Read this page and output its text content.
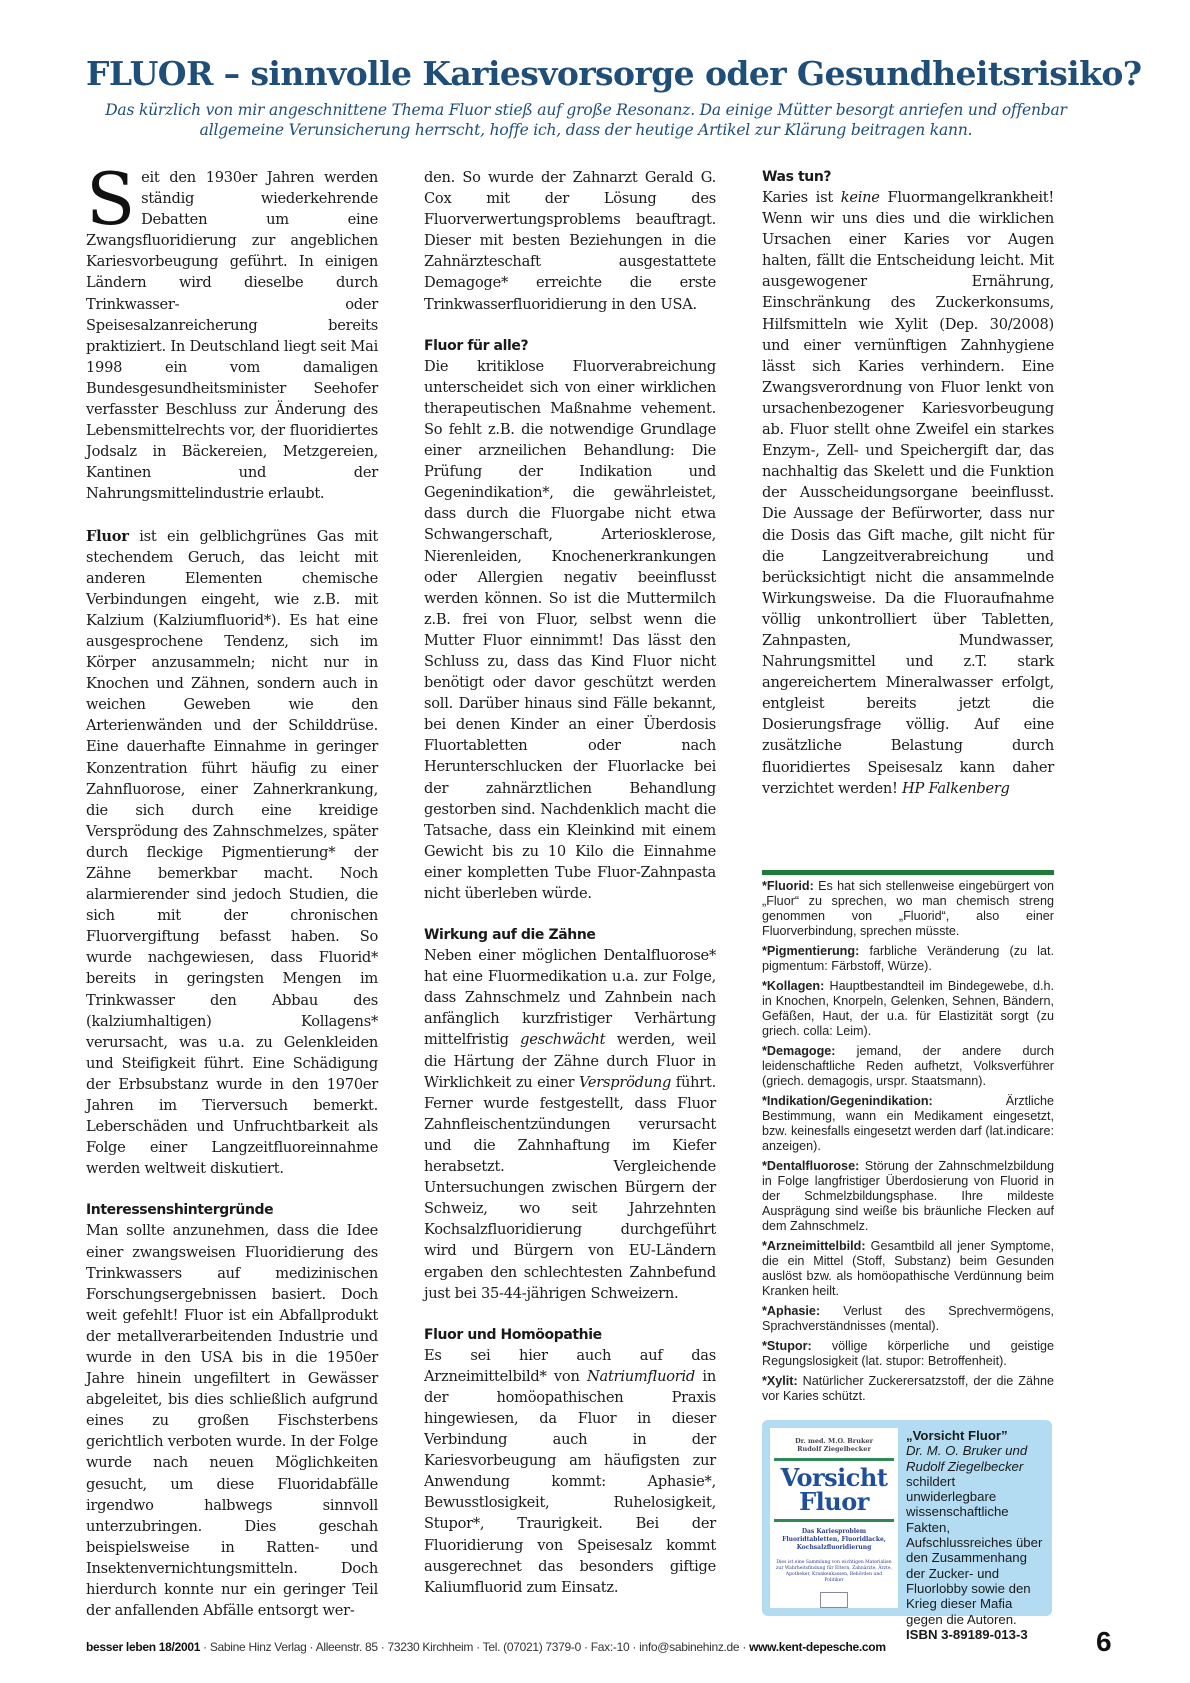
FLUOR – sinnvolle Kariesvorsorge oder Gesundheitsrisiko?

Das kürzlich von mir angeschnittene Thema Fluor stieß auf große Resonanz. Da einige Mütter besorgt anriefen und offenbar allgemeine Verunsicherung herrscht, hoffe ich, dass der heutige Artikel zur Klärung beitragen kann.

Seit den 1930er Jahren werden ständig wiederkehrende Debatten um eine Zwangsfluoridierung zur angeblichen Kariesvorbeugung geführt. In einigen Ländern wird dieselbe durch Trinkwasser- oder Speisesalzanreicherung bereits praktiziert. In Deutschland liegt seit Mai 1998 ein vom damaligen Bundesgesundheitsminister Seehofer verfasster Beschluss zur Änderung des Lebensmittelrechts vor, der fluoridiertes Jodsalz in Bäckereien, Metzgereien, Kantinen und der Nahrungsmittelindustrie erlaubt.

Fluor ist ein gelblichgrünes Gas mit stechendem Geruch, das leicht mit anderen Elementen chemische Verbindungen eingeht, wie z.B. mit Kalzium (Kalziumfluorid*). Es hat eine ausgesprochene Tendenz, sich im Körper anzusammeln; nicht nur in Knochen und Zähnen, sondern auch in weichen Geweben wie den Arterienwänden und der Schilddrüse. Eine dauerhafte Einnahme in geringer Konzentration führt häufig zu einer Zahnfluorose, einer Zahnerkrankung, die sich durch eine kreidige Versprödung des Zahnschmelzes, später durch fleckige Pigmentierung* der Zähne bemerkbar macht. Noch alarmierender sind jedoch Studien, die sich mit der chronischen Fluorvergiftung befasst haben. So wurde nachgewiesen, dass Fluorid* bereits in geringsten Mengen im Trinkwasser den Abbau des (kalziumhaltigen) Kollagens* verursacht, was u.a. zu Gelenkleiden und Steifigkeit führt. Eine Schädigung der Erbsubstanz wurde in den 1970er Jahren im Tierversuch bemerkt. Leberschäden und Unfruchtbarkeit als Folge einer Langzeitfluoreinnahme werden weltweit diskutiert.

Interessenshintergründe

Man sollte anzunehmen, dass die Idee einer zwangsweisen Fluoridierung des Trinkwassers auf medizinischen Forschungsergebnissen basiert. Doch weit gefehlt! Fluor ist ein Abfallprodukt der metallverarbeitenden Industrie und wurde in den USA bis in die 1950er Jahre hinein ungefiltert in Gewässer abgeleitet, bis dies schließlich aufgrund eines zu großen Fischsterbens gerichtlich verboten wurde. In der Folge wurde nach neuen Möglichkeiten gesucht, um diese Fluoridabfälle irgendwo halbwegs sinnvoll unterzubringen. Dies geschah beispielsweise in Ratten- und Insektenvernichtungsmitteln. Doch hierdurch konnte nur ein geringer Teil der anfallenden Abfälle entsorgt wer-

den. So wurde der Zahnarzt Gerald G. Cox mit der Lösung des Fluorverwertungsproblems beauftragt. Dieser mit besten Beziehungen in die Zahnärzteschaft ausgestattete Demagoge* erreichte die erste Trinkwasserfluoridierung in den USA.

Fluor für alle?

Die kritiklose Fluorverabreichung unterscheidet sich von einer wirklichen therapeutischen Maßnahme vehement. So fehlt z.B. die notwendige Grundlage einer arzneilichen Behandlung: Die Prüfung der Indikation und Gegenindikation*, die gewährleistet, dass durch die Fluorgabe nicht etwa Schwangerschaft, Arteriosklerose, Nierenleiden, Knochenerkrankungen oder Allergien negativ beeinflusst werden können. So ist die Muttermilch z.B. frei von Fluor, selbst wenn die Mutter Fluor einnimmt! Das lässt den Schluss zu, dass das Kind Fluor nicht benötigt oder davor geschützt werden soll. Darüber hinaus sind Fälle bekannt, bei denen Kinder an einer Überdosis Fluortabletten oder nach Herunterschlucken der Fluorlacke bei der zahnärztlichen Behandlung gestorben sind. Nachdenklich macht die Tatsache, dass ein Kleinkind mit einem Gewicht bis zu 10 Kilo die Einnahme einer kompletten Tube Fluor-Zahnpasta nicht überleben würde.

Wirkung auf die Zähne

Neben einer möglichen Dentalfluorose* hat eine Fluormedikation u.a. zur Folge, dass Zahnschmelz und Zahnbein nach anfänglich kurzfristiger Verhärtung mittelfristig geschwächt werden, weil die Härtung der Zähne durch Fluor in Wirklichkeit zu einer Versprödung führt. Ferner wurde festgestellt, dass Fluor Zahnfleischentzündungen verursacht und die Zahnhaftung im Kiefer herabsetzt. Vergleichende Untersuchungen zwischen Bürgern der Schweiz, wo seit Jahrzehnten Kochsalzfluoridierung durchgeführt wird und Bürgern von EU-Ländern ergaben den schlechtesten Zahnbefund just bei 35-44-jährigen Schweizern.

Fluor und Homöopathie

Es sei hier auch auf das Arzneimittelbild* von Natriumfluorid in der homöopathischen Praxis hingewiesen, da Fluor in dieser Verbindung auch in der Kariesvorbeugung am häufigsten zur Anwendung kommt: Aphasie*, Bewusstlosigkeit, Ruhelosigkeit, Stupor*, Traurigkeit. Bei der Fluoridierung von Speisesalz kommt ausgerechnet das besonders giftige Kaliumfluorid zum Einsatz.

Was tun?

Karies ist keine Fluormangelkrankheit! Wenn wir uns dies und die wirklichen Ursachen einer Karies vor Augen halten, fällt die Entscheidung leicht. Mit ausgewogener Ernährung, Einschränkung des Zuckerkonsums, Hilfsmitteln wie Xylit (Dep. 30/2008) und einer vernünftigen Zahnhygiene lässt sich Karies verhindern. Eine Zwangsverordnung von Fluor lenkt von ursachenbezogener Kariesvorbeugung ab. Fluor stellt ohne Zweifel ein starkes Enzym-, Zell- und Speichergift dar, das nachhaltig das Skelett und die Funktion der Ausscheidungsorgane beeinflusst. Die Aussage der Befürworter, dass nur die Dosis das Gift mache, gilt nicht für die Langzeitverabreichung und berücksichtigt nicht die ansammelnde Wirkungsweise. Da die Fluoraufnahme völlig unkontrolliert über Tabletten, Zahnpasten, Mundwasser, Nahrungsmittel und z.T. stark angereichertem Mineralwasser erfolgt, entgleist bereits jetzt die Dosierungsfrage völlig. Auf eine zusätzliche Belastung durch fluoridiertes Speisesalz kann daher verzichtet werden! HP Falkenberg

*Fluorid: Es hat sich stellenweise eingebürgert von „Fluor“ zu sprechen, wo man chemisch streng genommen von „Fluorid“, also einer Fluorverbindung, sprechen müsste.
*Pigmentierung: farbliche Veränderung (zu lat. pigmentum: Färbstoff, Würze).
*Kollagen: Hauptbestandteil im Bindegewebe, d.h. in Knochen, Knorpeln, Gelenken, Sehnen, Bändern, Gefäßen, Haut, der u.a. für Elastizität sorgt (zu griech. colla: Leim).
*Demagoge: jemand, der andere durch leidenschaftliche Reden aufhetzt, Volksverführer (griech. demagogis, urspr. Staatsmann).
*Indikation/Gegenindikation: Ärztliche Bestimmung, wann ein Medikament eingesetzt, bzw. keinesfalls eingesetzt werden darf (lat.indicare: anzeigen).
*Dentalfluorose: Störung der Zahnschmelzbildung in Folge langfristiger Überdosierung von Fluorid in der Schmelzbildungsphase. Ihre mildeste Ausprägung sind weiße bis bräunliche Flecken auf dem Zahnschmelz.
*Arzneimittelbild: Gesamtbild all jener Symptome, die ein Mittel (Stoff, Substanz) beim Gesunden auslöst bzw. als homöopathische Verdünnung beim Kranken heilt.
*Aphasie: Verlust des Sprechvermögens, Sprachverständnisses (mental).
*Stupor: völlige körperliche und geistige Regungslosigkeit (lat. stupor: Betroffenheit).
*Xylit: Natürlicher Zuckerersatzstoff, der die Zähne vor Karies schützt.
Dr. med. M.O. Bruker
Rudolf Ziegelbecker
Vorsicht
Fluor
Das Kariesproblem
Fluoridtabletten, Fluoridlacke,
Kochsalzfluoridierung
Dies ist eine Sammlung von wichtigen Materialien zur Wahrheitsfindung für Eltern, Zahnärzte, Ärzte, Apotheker, Krankenkassen, Behörden und Politiker
„Vorsicht Fluor”
Dr. M. O. Bruker und Rudolf Ziegelbecker
schildert unwiderlegbare wissenschaftliche Fakten, Aufschlussreiches über den Zusammenhang der Zucker- und Fluorlobby sowie den Krieg dieser Mafia gegen die Autoren.
ISBN 3-89189-013-3
besser leben 18/2001 · Sabine Hinz Verlag · Alleenstr. 85 · 73230 Kirchheim · Tel. (07021) 7379-0 · Fax:-10 · info@sabinehinz.de · www.kent-depesche.com	6
